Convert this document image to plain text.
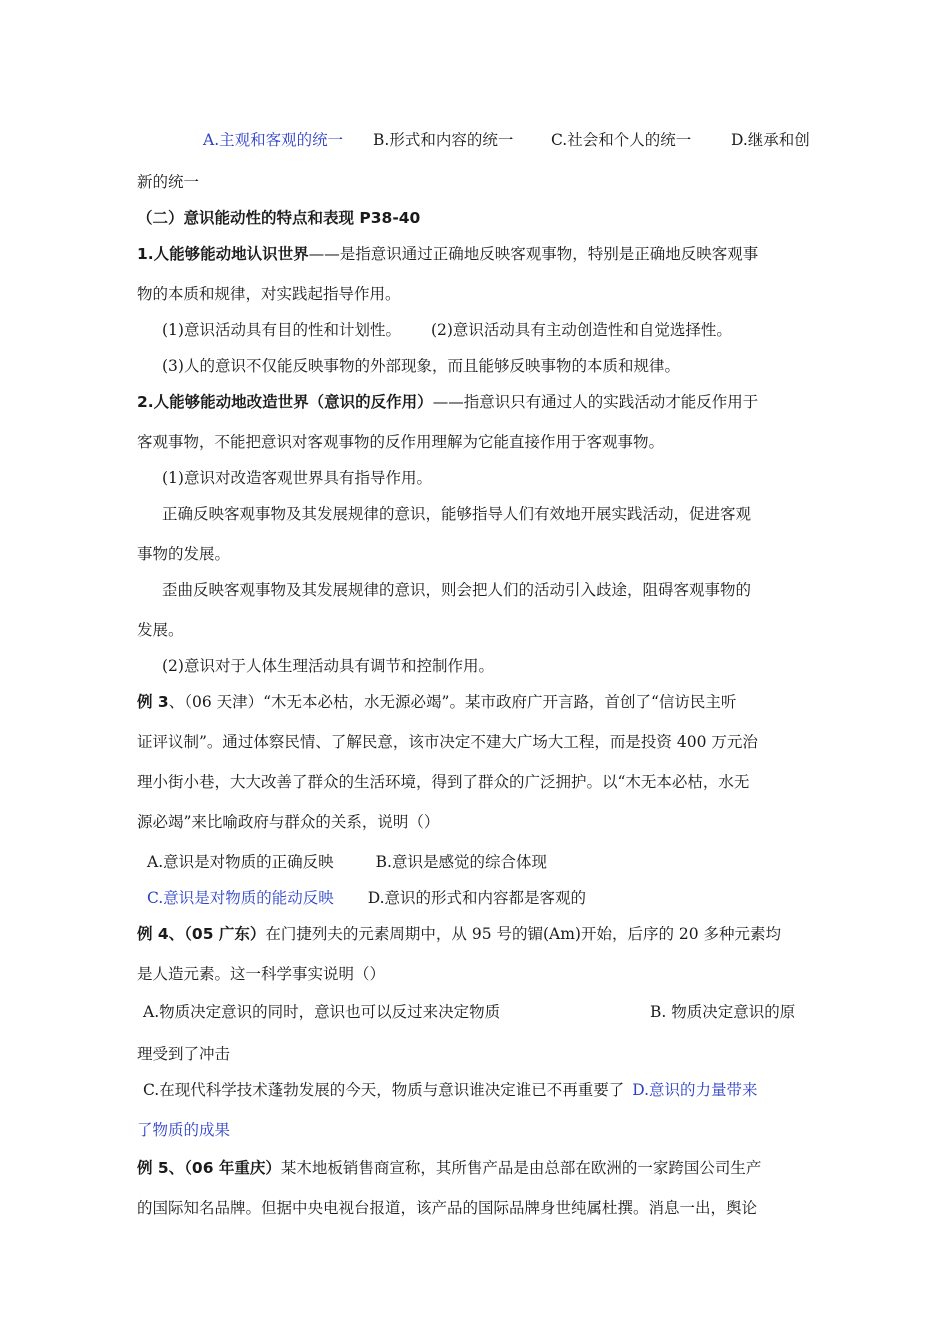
A.主观和客观的统一 B.形式和内容的统一 C.社会和个人的统一	D.继承和创
新的统一
（二）意识能动性的特点和表现 P38-40
1.人能够能动地认识世界——是指意识通过正确地反映客观事物，特别是正确地反映客观事
物的本质和规律，对实践起指导作用。
(1)意识活动具有目的性和计划性。 (2)意识活动具有主动创造性和自觉选择性。
(3)人的意识不仅能反映事物的外部现象，而且能够反映事物的本质和规律。
2.人能够能动地改造世界（意识的反作用）——指意识只有通过人的实践活动才能反作用于
客观事物，不能把意识对客观事物的反作用理解为它能直接作用于客观事物。
(1)意识对改造客观世界具有指导作用。
正确反映客观事物及其发展规律的意识，能够指导人们有效地开展实践活动，促进客观
事物的发展。
歪曲反映客观事物及其发展规律的意识，则会把人们的活动引入歧途，阻碍客观事物的
发展。
(2)意识对于人体生理活动具有调节和控制作用。
例 3、（06 天津）“木无本必枯，水无源必竭”。某市政府广开言路，首创了“信访民主听
证评议制”。通过体察民情、了解民意，该市决定不建大广场大工程，而是投资 400 万元治
理小街小巷，大大改善了群众的生活环境，得到了群众的广泛拥护。以“木无本必枯，水无
源必竭”来比喻政府与群众的关系，说明（）
A.意识是对物质的正确反映	B.意识是感觉的综合体现
C.意识是对物质的能动反映 D.意识的形式和内容都是客观的
例 4、（05 广东）在门捷列夫的元素周期中，从 95 号的镅(Am)开始，后序的 20 多种元素均
是人造元素。这一科学事实说明（）
A.物质决定意识的同时，意识也可以反过来决定物质	B. 物质决定意识的原
理受到了冲击
C.在现代科学技术蓬勃发展的今天，物质与意识谁决定谁已不再重要了 D.意识的力量带来
了物质的成果
例 5、（06 年重庆）某木地板销售商宣称，其所售产品是由总部在欧洲的一家跨国公司生产
的国际知名品牌。但据中央电视台报道，该产品的国际品牌身世纯属杜撰。消息一出，舆论
